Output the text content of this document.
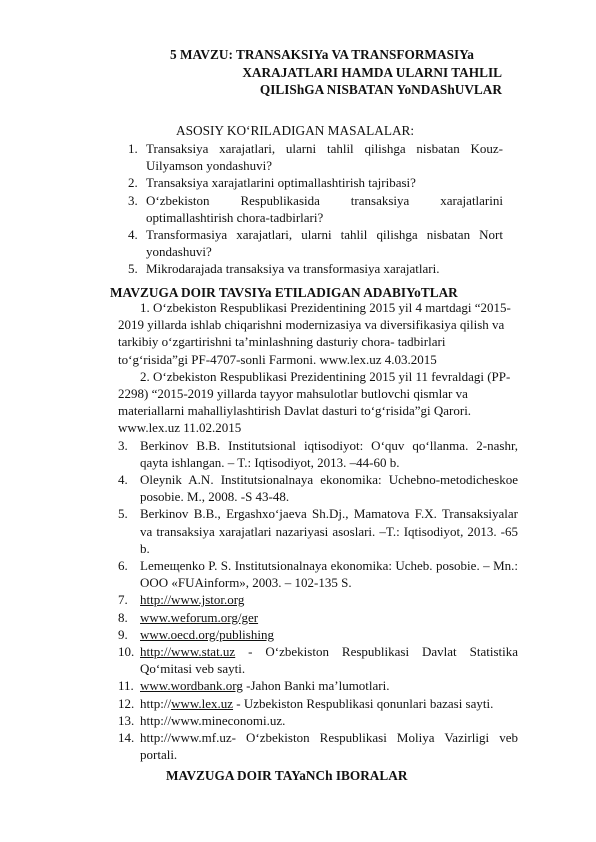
5 MAVZU: TRANSAKSIYa VA TRANSFORMASIYa
XARAJATLARI HAMDA ULARNI TAHLIL
QILIShGA NISBATAN YoNDAShUVLAR
ASOSIY KO‘RILADIGAN MASALALAR:
1. Transaksiya xarajatlari, ularni tahlil qilishga nisbatan Kouz-Uilyamson yondashuvi?
2. Transaksiya xarajatlarini optimallashtirish tajribasi?
3. O‘zbekiston Respublikasida transaksiya xarajatlarini optimallashtirish chora-tadbirlari?
4. Transformasiya xarajatlari, ularni tahlil qilishga nisbatan Nort yondashuvi?
5. Mikrodarajada transaksiya va transformasiya xarajatlari.
MAVZUGA DOIR TAVSIYa ETILADIGAN ADABIYoTLAR

1. O‘zbekiston Respublikasi Prezidentining 2015 yil 4 martdagi “2015-2019 yillarda ishlab chiqarishni modernizasiya va diversifikasiya qilish va tarkibiy o‘zgartirishni ta’minlashning dasturiy chora- tadbirlari to‘g‘risida”gi PF-4707-sonli Farmoni. www.lex.uz 4.03.2015

2. O‘zbekiston Respublikasi Prezidentining 2015 yil 11 fevraldagi (PP-2298) “2015-2019 yillarda tayyor mahsulotlar butlovchi qismlar va materiallarni mahalliylashtirish Davlat dasturi to‘g‘risida”gi Qarori. www.lex.uz 11.02.2015

3. Berkinov B.B. Institutsional iqtisodiyot: O‘quv qo‘llanma. 2-nashr, qayta ishlangan. – T.: Iqtisodiyot, 2013. –44-60 b.
4. Oleynik A.N. Institutsionalnaya ekonomika: Uchebno-metodicheskoe posobie. M., 2008. -S 43-48.
5. Berkinov B.B., Ergashxo‘jaeva Sh.Dj., Mamatova F.X. Transaksiyalar va transaksiya xarajatlari nazariyasi asoslari. –T.: Iqtisodiyot, 2013. -65 b.
6. Lemeщenko P. S. Institutsionalnaya ekonomika: Ucheb. posobie. – Mn.: OOO «FUAinform», 2003. – 102-135 S.
7. http://www.jstor.org
8. www.weforum.org/ger
9. www.oecd.org/publishing
10. http://www.stat.uz - O‘zbekiston Respublikasi Davlat Statistika Qo‘mitasi veb sayti.
11. www.wordbank.org -Jahon Banki ma’lumotlari.
12. http://www.lex.uz - Uzbekiston Respublikasi qonunlari bazasi sayti.
13. http://www.mineconomi.uz.
14. http://www.mf.uz- O‘zbekiston Respublikasi Moliya Vazirligi veb portali.
MAVZUGA DOIR TAYaNCh IBORALAR
